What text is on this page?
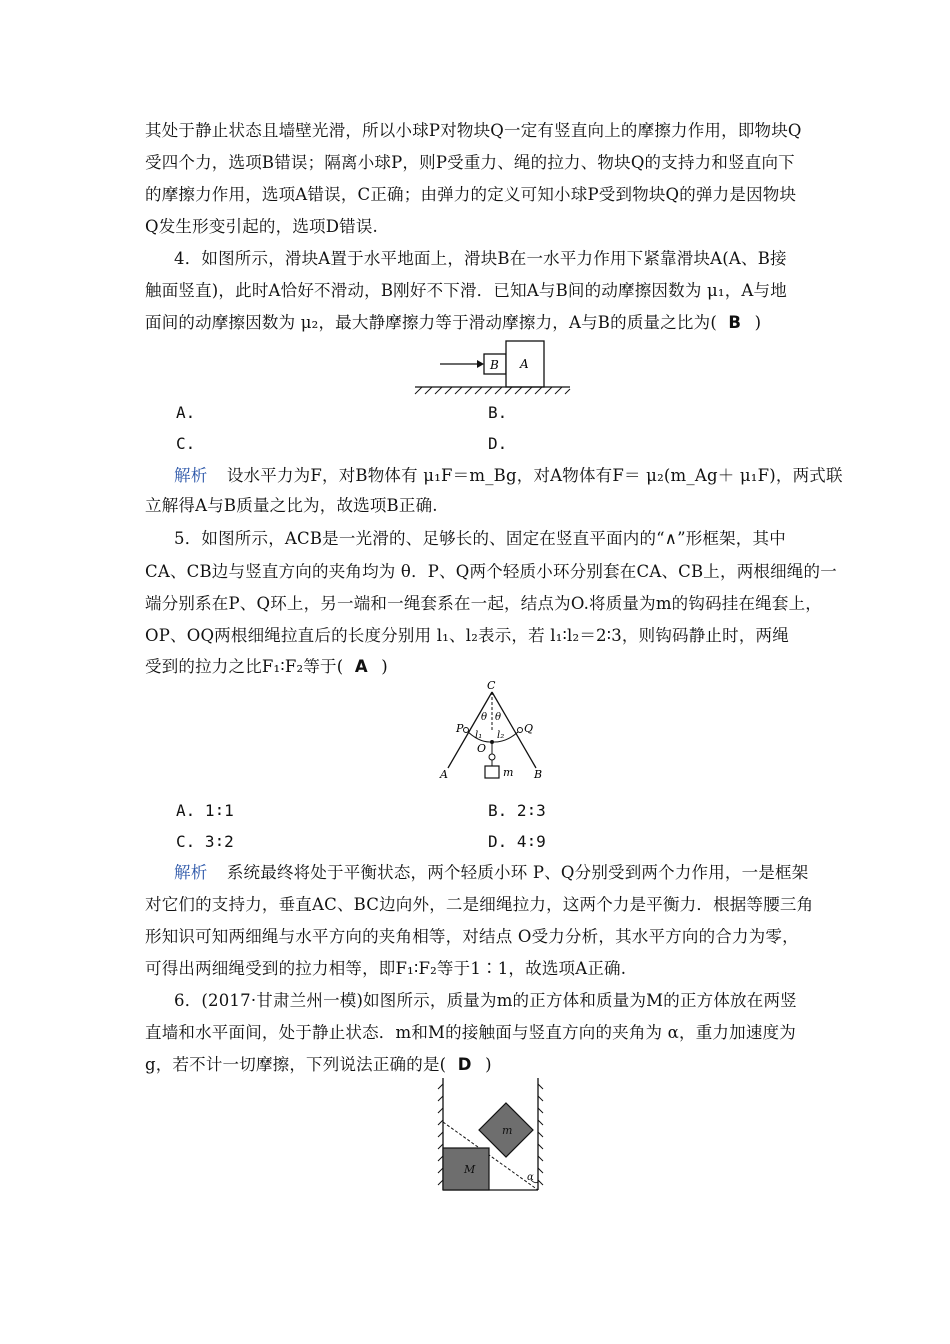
其处于静止状态且墙壁光滑，所以小球P对物块Q一定有竖直向上的摩擦力作用，即物块Q
受四个力，选项B错误；隔离小球P，则P受重力、绳的拉力、物块Q的支持力和竖直向下
的摩擦力作用，选项A错误，C正确；由弹力的定义可知小球P受到物块Q的弹力是因物块
Q发生形变引起的，选项D错误.
4．如图所示，滑块A置于水平地面上，滑块B在一水平力作用下紧靠滑块A(A、B接
触面竖直)，此时A恰好不滑动，B刚好不下滑．已知A与B间的动摩擦因数为 μ₁，A与地
面间的动摩擦因数为 μ₂，最大静摩擦力等于滑动摩擦力，A与B的质量之比为( B )
B A
A.	B.
C.	D.
解析 设水平力为F，对B物体有 μ₁F＝m_Bg，对A物体有F＝ μ₂(m_Ag＋ μ₁F)，两式联
立解得A与B质量之比为，故选项B正确.
5．如图所示，ACB是一光滑的、足够长的、固定在竖直平面内的“∧”形框架，其中
CA、CB边与竖直方向的夹角均为 θ．P、Q两个轻质小环分别套在CA、CB上，两根细绳的一
端分别系在P、Q环上，另一端和一绳套系在一起，结点为O.将质量为m的钩码挂在绳套上，
OP、OQ两根细绳拉直后的长度分别用 l₁、l₂表示，若 l₁∶l₂＝2∶3，则钩码静止时，两绳
受到的拉力之比F₁∶F₂等于( A )
C
θ θ
P	Q
l₁ l₂
O
A	B
m
A. 1∶1	B. 2∶3
C. 3∶2	D. 4∶9
解析 系统最终将处于平衡状态，两个轻质小环 P、Q分别受到两个力作用，一是框架
对它们的支持力，垂直AC、BC边向外，二是细绳拉力，这两个力是平衡力．根据等腰三角
形知识可知两细绳与水平方向的夹角相等，对结点 O受力分析，其水平方向的合力为零，
可得出两细绳受到的拉力相等，即F₁∶F₂等于1∶1，故选项A正确.
6．(2017·甘肃兰州一模)如图所示，质量为m的正方体和质量为M的正方体放在两竖
直墙和水平面间，处于静止状态．m和M的接触面与竖直方向的夹角为 α，重力加速度为
g，若不计一切摩擦，下列说法正确的是( D )
M
m
α
